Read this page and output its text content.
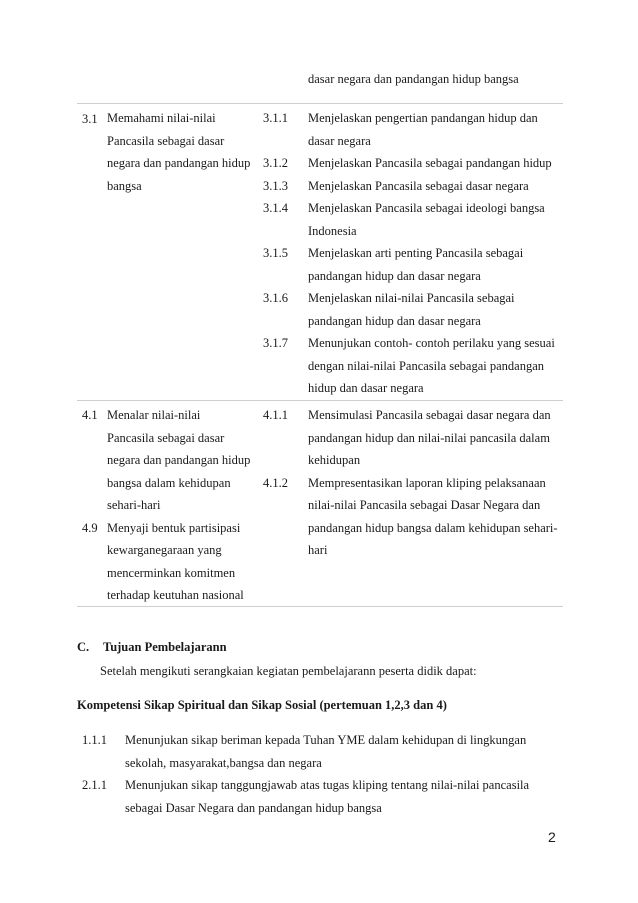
dasar negara dan pandangan hidup bangsa
3.1 Memahami nilai-nilai
Pancasila sebagai dasar
negara dan pandangan hidup
bangsa
3.1.1 Menjelaskan pengertian pandangan hidup dan
dasar negara
3.1.2 Menjelaskan Pancasila sebagai pandangan hidup
3.1.3 Menjelaskan Pancasila sebagai dasar negara
3.1.4 Menjelaskan Pancasila sebagai ideologi bangsa
Indonesia
3.1.5 Menjelaskan arti penting Pancasila sebagai
pandangan hidup dan dasar negara
3.1.6 Menjelaskan nilai-nilai Pancasila sebagai
pandangan hidup dan dasar negara
3.1.7 Menunjukan contoh- contoh perilaku yang sesuai
dengan nilai-nilai Pancasila sebagai pandangan
hidup dan dasar negara
4.1 Menalar nilai-nilai
Pancasila sebagai dasar
negara dan pandangan hidup
bangsa dalam kehidupan
sehari-hari
4.9 Menyaji bentuk partisipasi
kewarganegaraan yang
mencerminkan komitmen
terhadap keutuhan nasional
4.1.1 Mensimulasi Pancasila sebagai dasar negara dan
pandangan hidup dan nilai-nilai pancasila dalam
kehidupan
4.1.2 Mempresentasikan laporan kliping pelaksanaan
nilai-nilai Pancasila sebagai Dasar Negara dan
pandangan hidup bangsa dalam kehidupan sehari-
hari
C. Tujuan Pembelajarann
Setelah mengikuti serangkaian kegiatan pembelajarann peserta didik dapat:
Kompetensi Sikap Spiritual dan Sikap Sosial (pertemuan 1,2,3 dan 4)
1.1.1 Menunjukan sikap beriman kepada Tuhan YME dalam kehidupan di lingkungan
sekolah, masyarakat,bangsa dan negara
2.1.1 Menunjukan sikap tanggungjawab atas tugas kliping tentang nilai-nilai pancasila
sebagai Dasar Negara dan pandangan hidup bangsa
2
